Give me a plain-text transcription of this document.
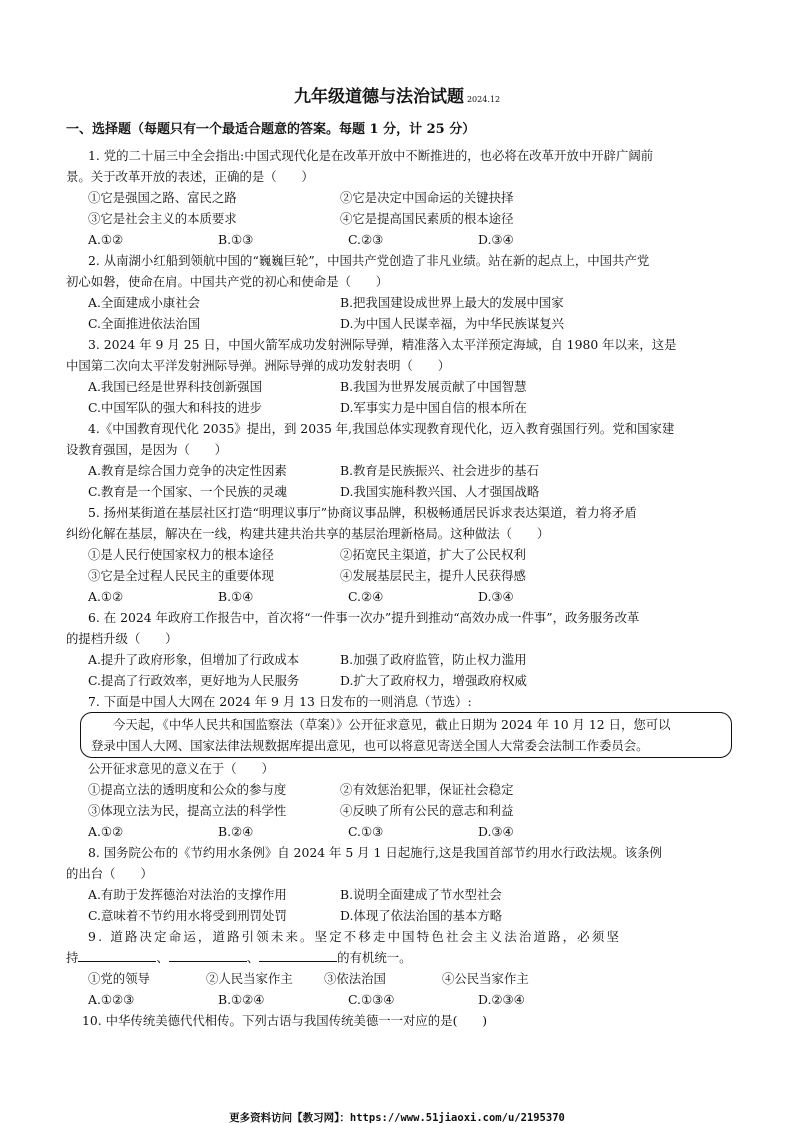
九年级道德与法治试题 2024.12
一、选择题（每题只有一个最适合题意的答案。每题 1 分，计 25 分）
1. 党的二十届三中全会指出:中国式现代化是在改革开放中不断推进的，也必将在改革开放中开辟广阔前
景。关于改革开放的表述，正确的是（　　）
①它是强国之路、富民之路	②它是决定中国命运的关键抉择
③它是社会主义的本质要求	④它是提高国民素质的根本途径
A.①②	B.①③	C.②③	D.③④
2. 从南湖小红船到领航中国的“巍巍巨轮”，中国共产党创造了非凡业绩。站在新的起点上，中国共产党
初心如磐，使命在肩。中国共产党的初心和使命是（　　）
A.全面建成小康社会	B.把我国建设成世界上最大的发展中国家
C.全面推进依法治国	D.为中国人民谋幸福，为中华民族谋复兴
3. 2024 年 9 月 25 日，中国火箭军成功发射洲际导弹，精准落入太平洋预定海域，自 1980 年以来，这是
中国第二次向太平洋发射洲际导弹。洲际导弹的成功发射表明（　　）
A.我国已经是世界科技创新强国	B.我国为世界发展贡献了中国智慧
C.中国军队的强大和科技的进步	D.军事实力是中国自信的根本所在
4.《中国教育现代化 2035》提出，到 2035 年,我国总体实现教育现代化，迈入教育强国行列。党和国家建
设教育强国，是因为（　　）
A.教育是综合国力竞争的决定性因素	B.教育是民族振兴、社会进步的基石
C.教育是一个国家、一个民族的灵魂	D.我国实施科教兴国、人才强国战略
5. 扬州某街道在基层社区打造“明理议事厅”协商议事品牌，积极畅通居民诉求表达渠道，着力将矛盾
纠纷化解在基层，解决在一线，构建共建共治共享的基层治理新格局。这种做法（　　）
①是人民行使国家权力的根本途径	②拓宽民主渠道，扩大了公民权利
③它是全过程人民民主的重要体现	④发展基层民主，提升人民获得感
A.①②	B.①④	C.②④	D.③④
6. 在 2024 年政府工作报告中，首次将“一件事一次办”提升到推动“高效办成一件事”，政务服务改革
的提档升级（　　）
A.提升了政府形象，但增加了行政成本	B.加强了政府监管，防止权力滥用
C.提高了行政效率，更好地为人民服务	D.扩大了政府权力，增强政府权威
7. 下面是中国人大网在 2024 年 9 月 13 日发布的一则消息（节选）:
今天起，《中华人民共和国监察法（草案）》公开征求意见，截止日期为 2024 年 10 月 12 日，您可以
登录中国人大网、国家法律法规数据库提出意见，也可以将意见寄送全国人大常委会法制工作委员会。
公开征求意见的意义在于（　　）
①提高立法的透明度和公众的参与度	②有效惩治犯罪，保证社会稳定
③体现立法为民，提高立法的科学性	④反映了所有公民的意志和利益
A.①②	B.②④	C.①③	D.③④
8. 国务院公布的《节约用水条例》自 2024 年 5 月 1 日起施行,这是我国首部节约用水行政法规。该条例
的出台（　　）
A.有助于发挥德治对法治的支撑作用	B.说明全面建成了节水型社会
C.意味着不节约用水将受到刑罚处罚	D.体现了依法治国的基本方略
9. 道路决定命运，道路引领未来。坚定不移走中国特色社会主义法治道路，必须坚
持	、	、	的有机统一。
①党的领导	②人民当家作主	③依法治国	④公民当家作主
A.①②③	B.①②④	C.①③④	D.②③④
10. 中华传统美德代代相传。下列古语与我国传统美德一一对应的是(　　)
更多资料访问【教习网】：https://www.51jiaoxi.com/u/2195370
